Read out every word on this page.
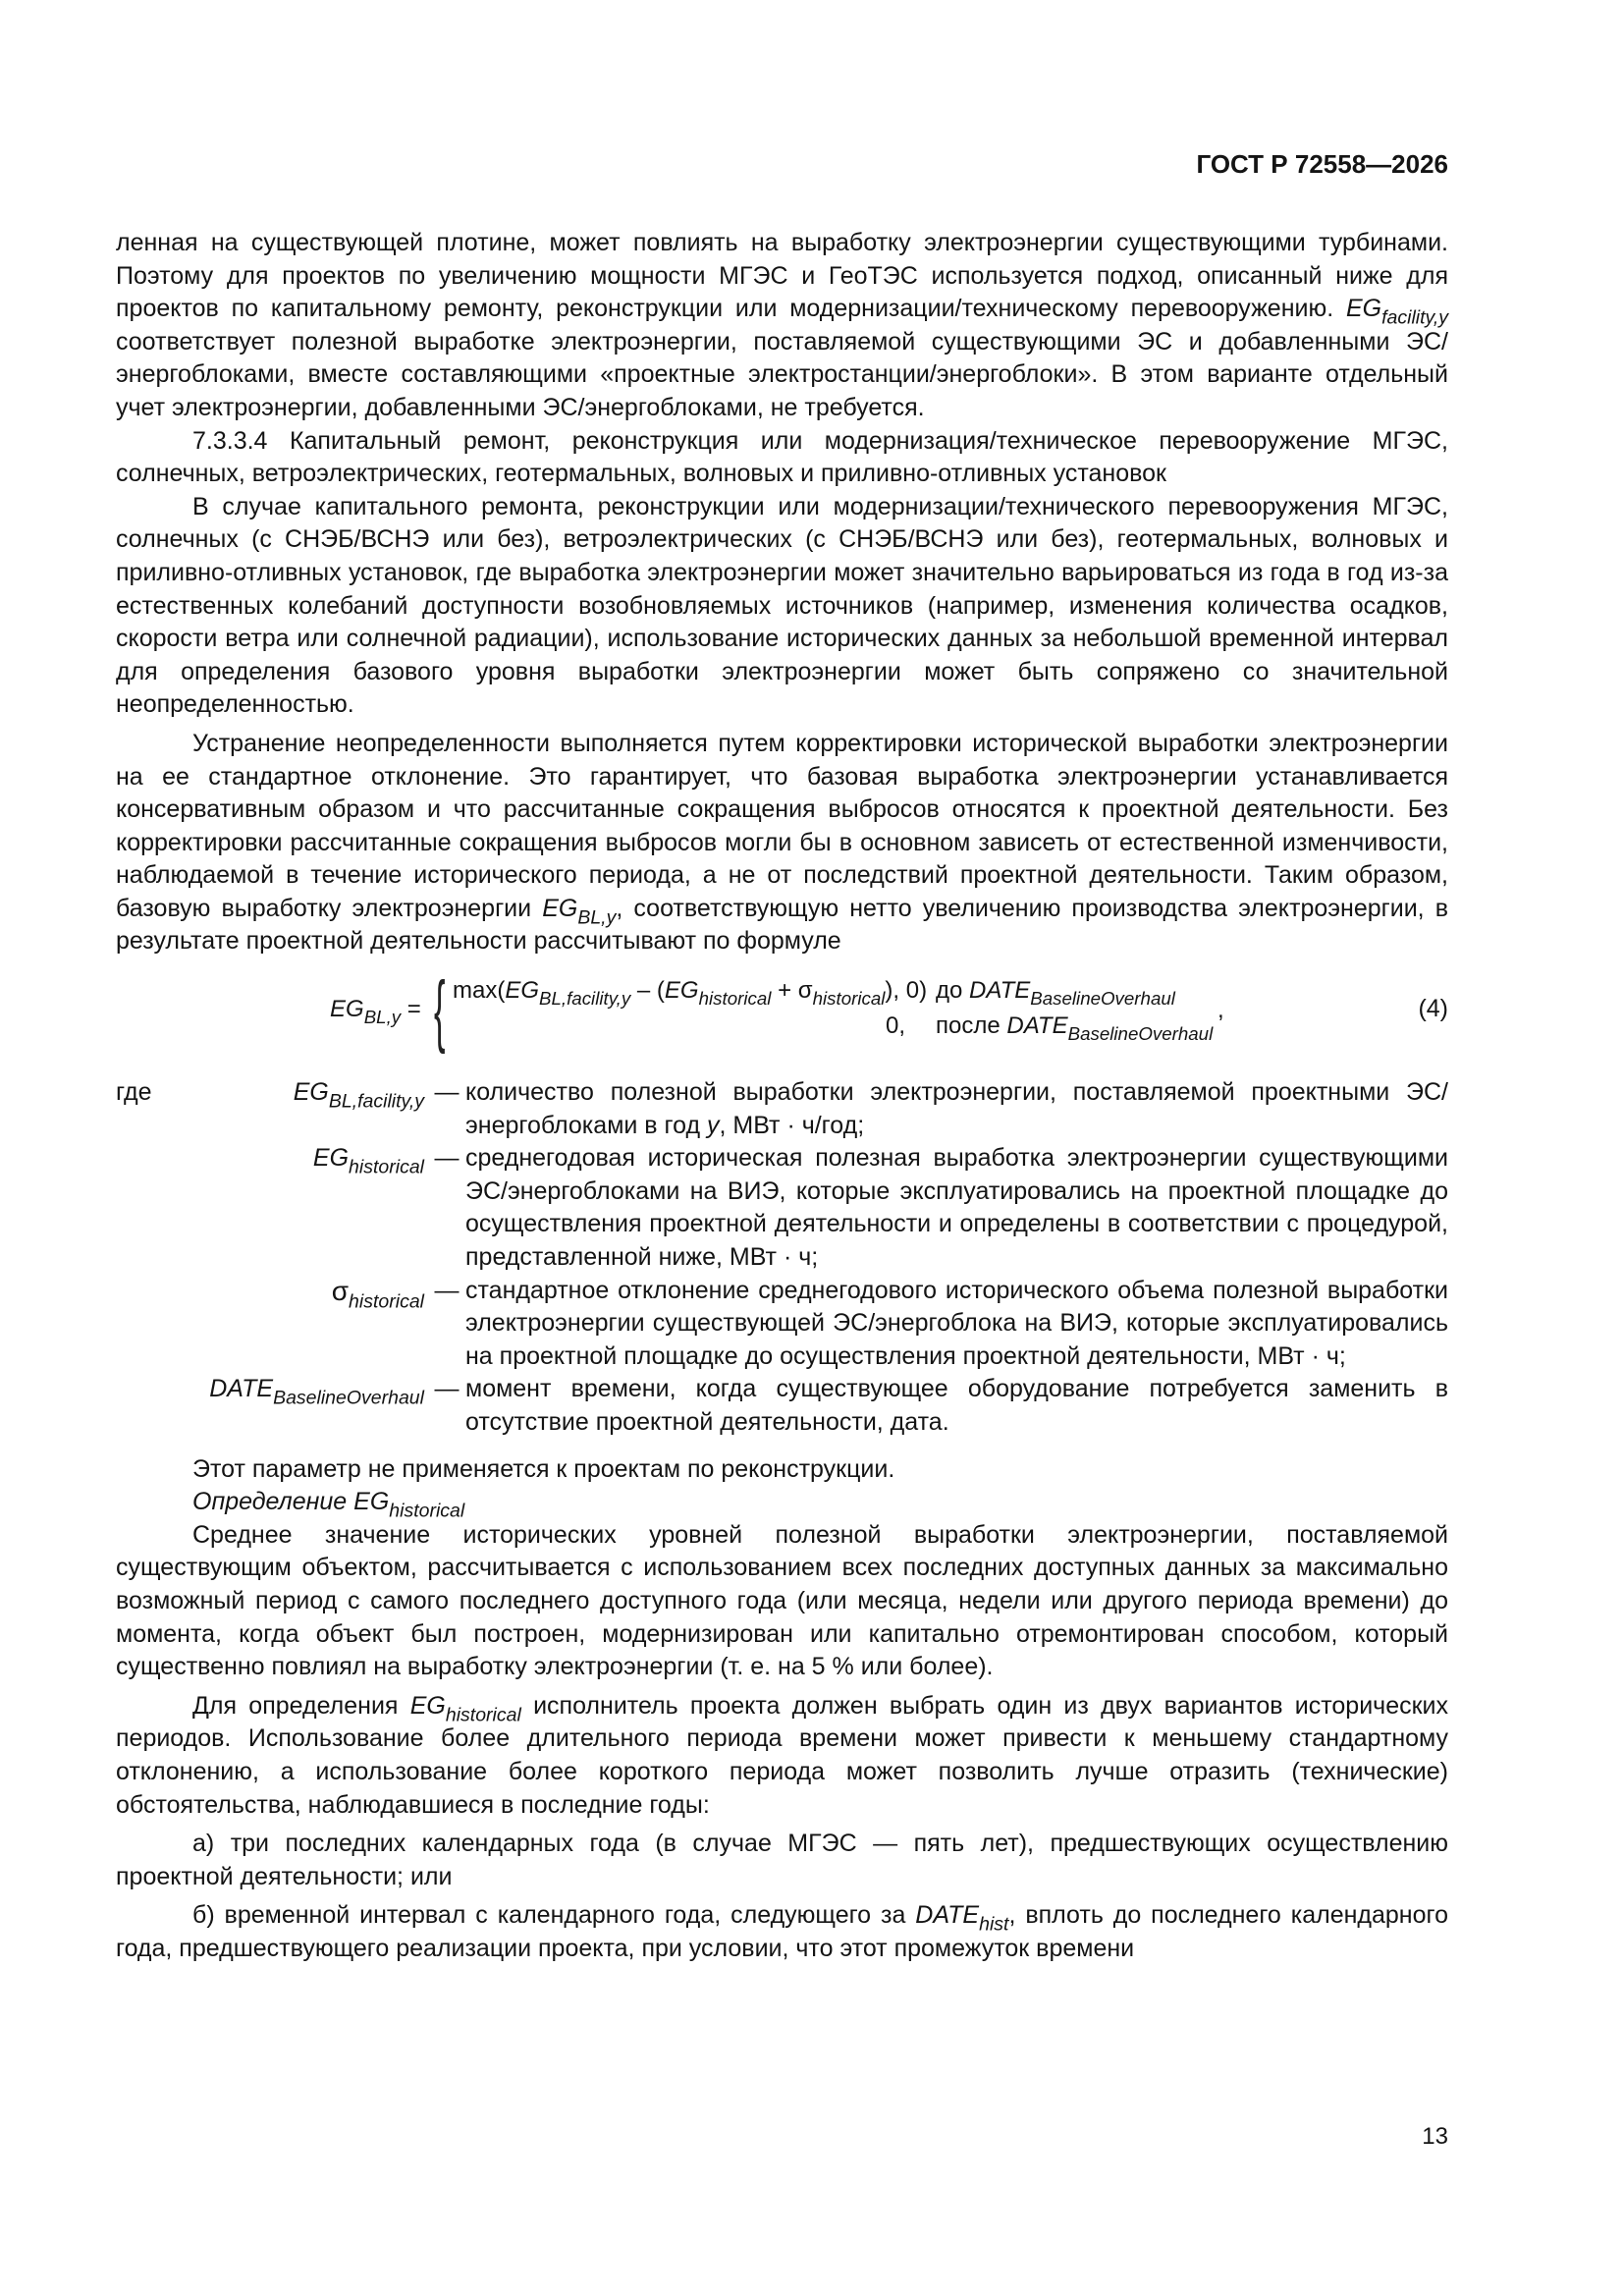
ГОСТ Р 72558—2026

ленная на существующей плотине, может повлиять на выработку электроэнергии существующими турбинами. Поэтому для проектов по увеличению мощности МГЭС и ГеоТЭС используется подход, описанный ниже для проектов по капитальному ремонту, реконструкции или модернизации/техническому перевооружению. $EG_{facility,y}$ соответствует полезной выработке электроэнергии, поставляемой существующими ЭС и добавленными ЭС/энергоблоками, вместе составляющими «проектные электростанции/энергоблоки». В этом варианте отдельный учет электроэнергии, добавленными ЭС/энергоблоками, не требуется.

7.3.3.4 Капитальный ремонт, реконструкция или модернизация/техническое перевооружение МГЭС, солнечных, ветроэлектрических, геотермальных, волновых и приливно-отливных установок

В случае капитального ремонта, реконструкции или модернизации/технического перевооружения МГЭС, солнечных (с СНЭБ/ВСНЭ или без), ветроэлектрических (с СНЭБ/ВСНЭ или без), геотермальных, волновых и приливно-отливных установок, где выработка электроэнергии может значительно варьироваться из года в год из-за естественных колебаний доступности возобновляемых источников (например, изменения количества осадков, скорости ветра или солнечной радиации), использование исторических данных за небольшой временной интервал для определения базового уровня выработки электроэнергии может быть сопряжено со значительной неопределенностью.

Устранение неопределенности выполняется путем корректировки исторической выработки электроэнергии на ее стандартное отклонение. Это гарантирует, что базовая выработка электроэнергии устанавливается консервативным образом и что рассчитанные сокращения выбросов относятся к проектной деятельности. Без корректировки рассчитанные сокращения выбросов могли бы в основном зависеть от естественной изменчивости, наблюдаемой в течение исторического периода, а не от последствий проектной деятельности. Таким образом, базовую выработку электроэнергии $EG_{BL,y}$, соответствующую нетто увеличению производства электроэнергии, в результате проектной деятельности рассчитывают по формуле

$EG_{BL,y}$ = { $\max(EG_{BL,facility,y} - (EG_{historical} + \sigma_{historical})$, 0)
0,
до $DATE_{BaselineOverhaul}$
после $DATE_{BaselineOverhaul}$
,	(4)
где	$EG_{BL,facility,y}$ — количество полезной выработки электроэнергии, поставляемой проектными ЭС/энергоблоками в год y, МВт · ч/год;
$EG_{historical}$ — среднегодовая историческая полезная выработка электроэнергии существующими ЭС/энергоблоками на ВИЭ, которые эксплуатировались на проектной площадке до осуществления проектной деятельности и определены в соответствии с процедурой, представленной ниже, МВт · ч;
$\sigma_{historical}$ — стандартное отклонение среднегодового исторического объема полезной выработки электроэнергии существующей ЭС/энергоблока на ВИЭ, которые эксплуатировались на проектной площадке до осуществления проектной деятельности, МВт · ч;
$DATE_{BaselineOverhaul}$ — момент времени, когда существующее оборудование потребуется заменить в отсутствие проектной деятельности, дата.

Этот параметр не применяется к проектам по реконструкции.

Определение $EG_{historical}$

Среднее значение исторических уровней полезной выработки электроэнергии, поставляемой существующим объектом, рассчитывается с использованием всех последних доступных данных за максимально возможный период с самого последнего доступного года (или месяца, недели или другого периода времени) до момента, когда объект был построен, модернизирован или капитально отремонтирован способом, который существенно повлиял на выработку электроэнергии (т. е. на 5 % или более).

Для определения $EG_{historical}$ исполнитель проекта должен выбрать один из двух вариантов исторических периодов. Использование более длительного периода времени может привести к меньшему стандартному отклонению, а использование более короткого периода может позволить лучше отразить (технические) обстоятельства, наблюдавшиеся в последние годы:

а) три последних календарных года (в случае МГЭС — пять лет), предшествующих осуществлению проектной деятельности; или

б) временной интервал с календарного года, следующего за $DATE_{hist}$, вплоть до последнего календарного года, предшествующего реализации проекта, при условии, что этот промежуток времени

13
